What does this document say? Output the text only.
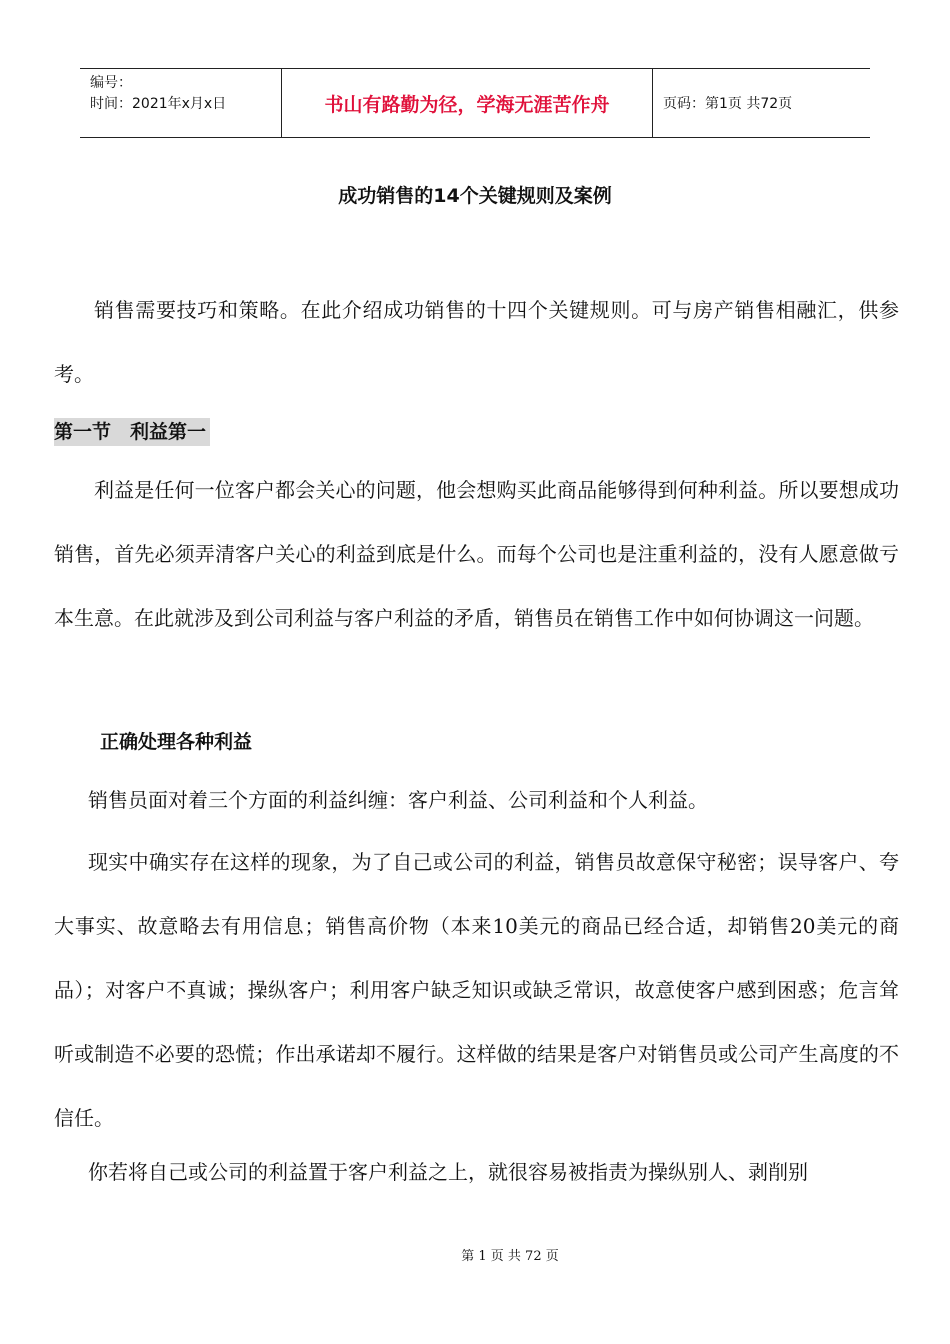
编号：
时间：2021年x月x日	书山有路勤为径，学海无涯苦作舟	页码：第1页 共72页
成功销售的14个关键规则及案例

销售需要技巧和策略。在此介绍成功销售的十四个关键规则。可与房产销售相融汇，供参考。

第一节　利益第一

利益是任何一位客户都会关心的问题，他会想购买此商品能够得到何种利益。所以要想成功销售，首先必须弄清客户关心的利益到底是什么。而每个公司也是注重利益的，没有人愿意做亏本生意。在此就涉及到公司利益与客户利益的矛盾，销售员在销售工作中如何协调这一问题。

正确处理各种利益

销售员面对着三个方面的利益纠缠：客户利益、公司利益和个人利益。

现实中确实存在这样的现象，为了自己或公司的利益，销售员故意保守秘密；误导客户、夸大事实、故意略去有用信息；销售高价物（本来10美元的商品已经合适，却销售20美元的商品）；对客户不真诚；操纵客户；利用客户缺乏知识或缺乏常识，故意使客户感到困惑；危言耸听或制造不必要的恐慌；作出承诺却不履行。这样做的结果是客户对销售员或公司产生高度的不信任。

你若将自己或公司的利益置于客户利益之上，就很容易被指责为操纵别人、剥削别

第 1 页 共 72 页
